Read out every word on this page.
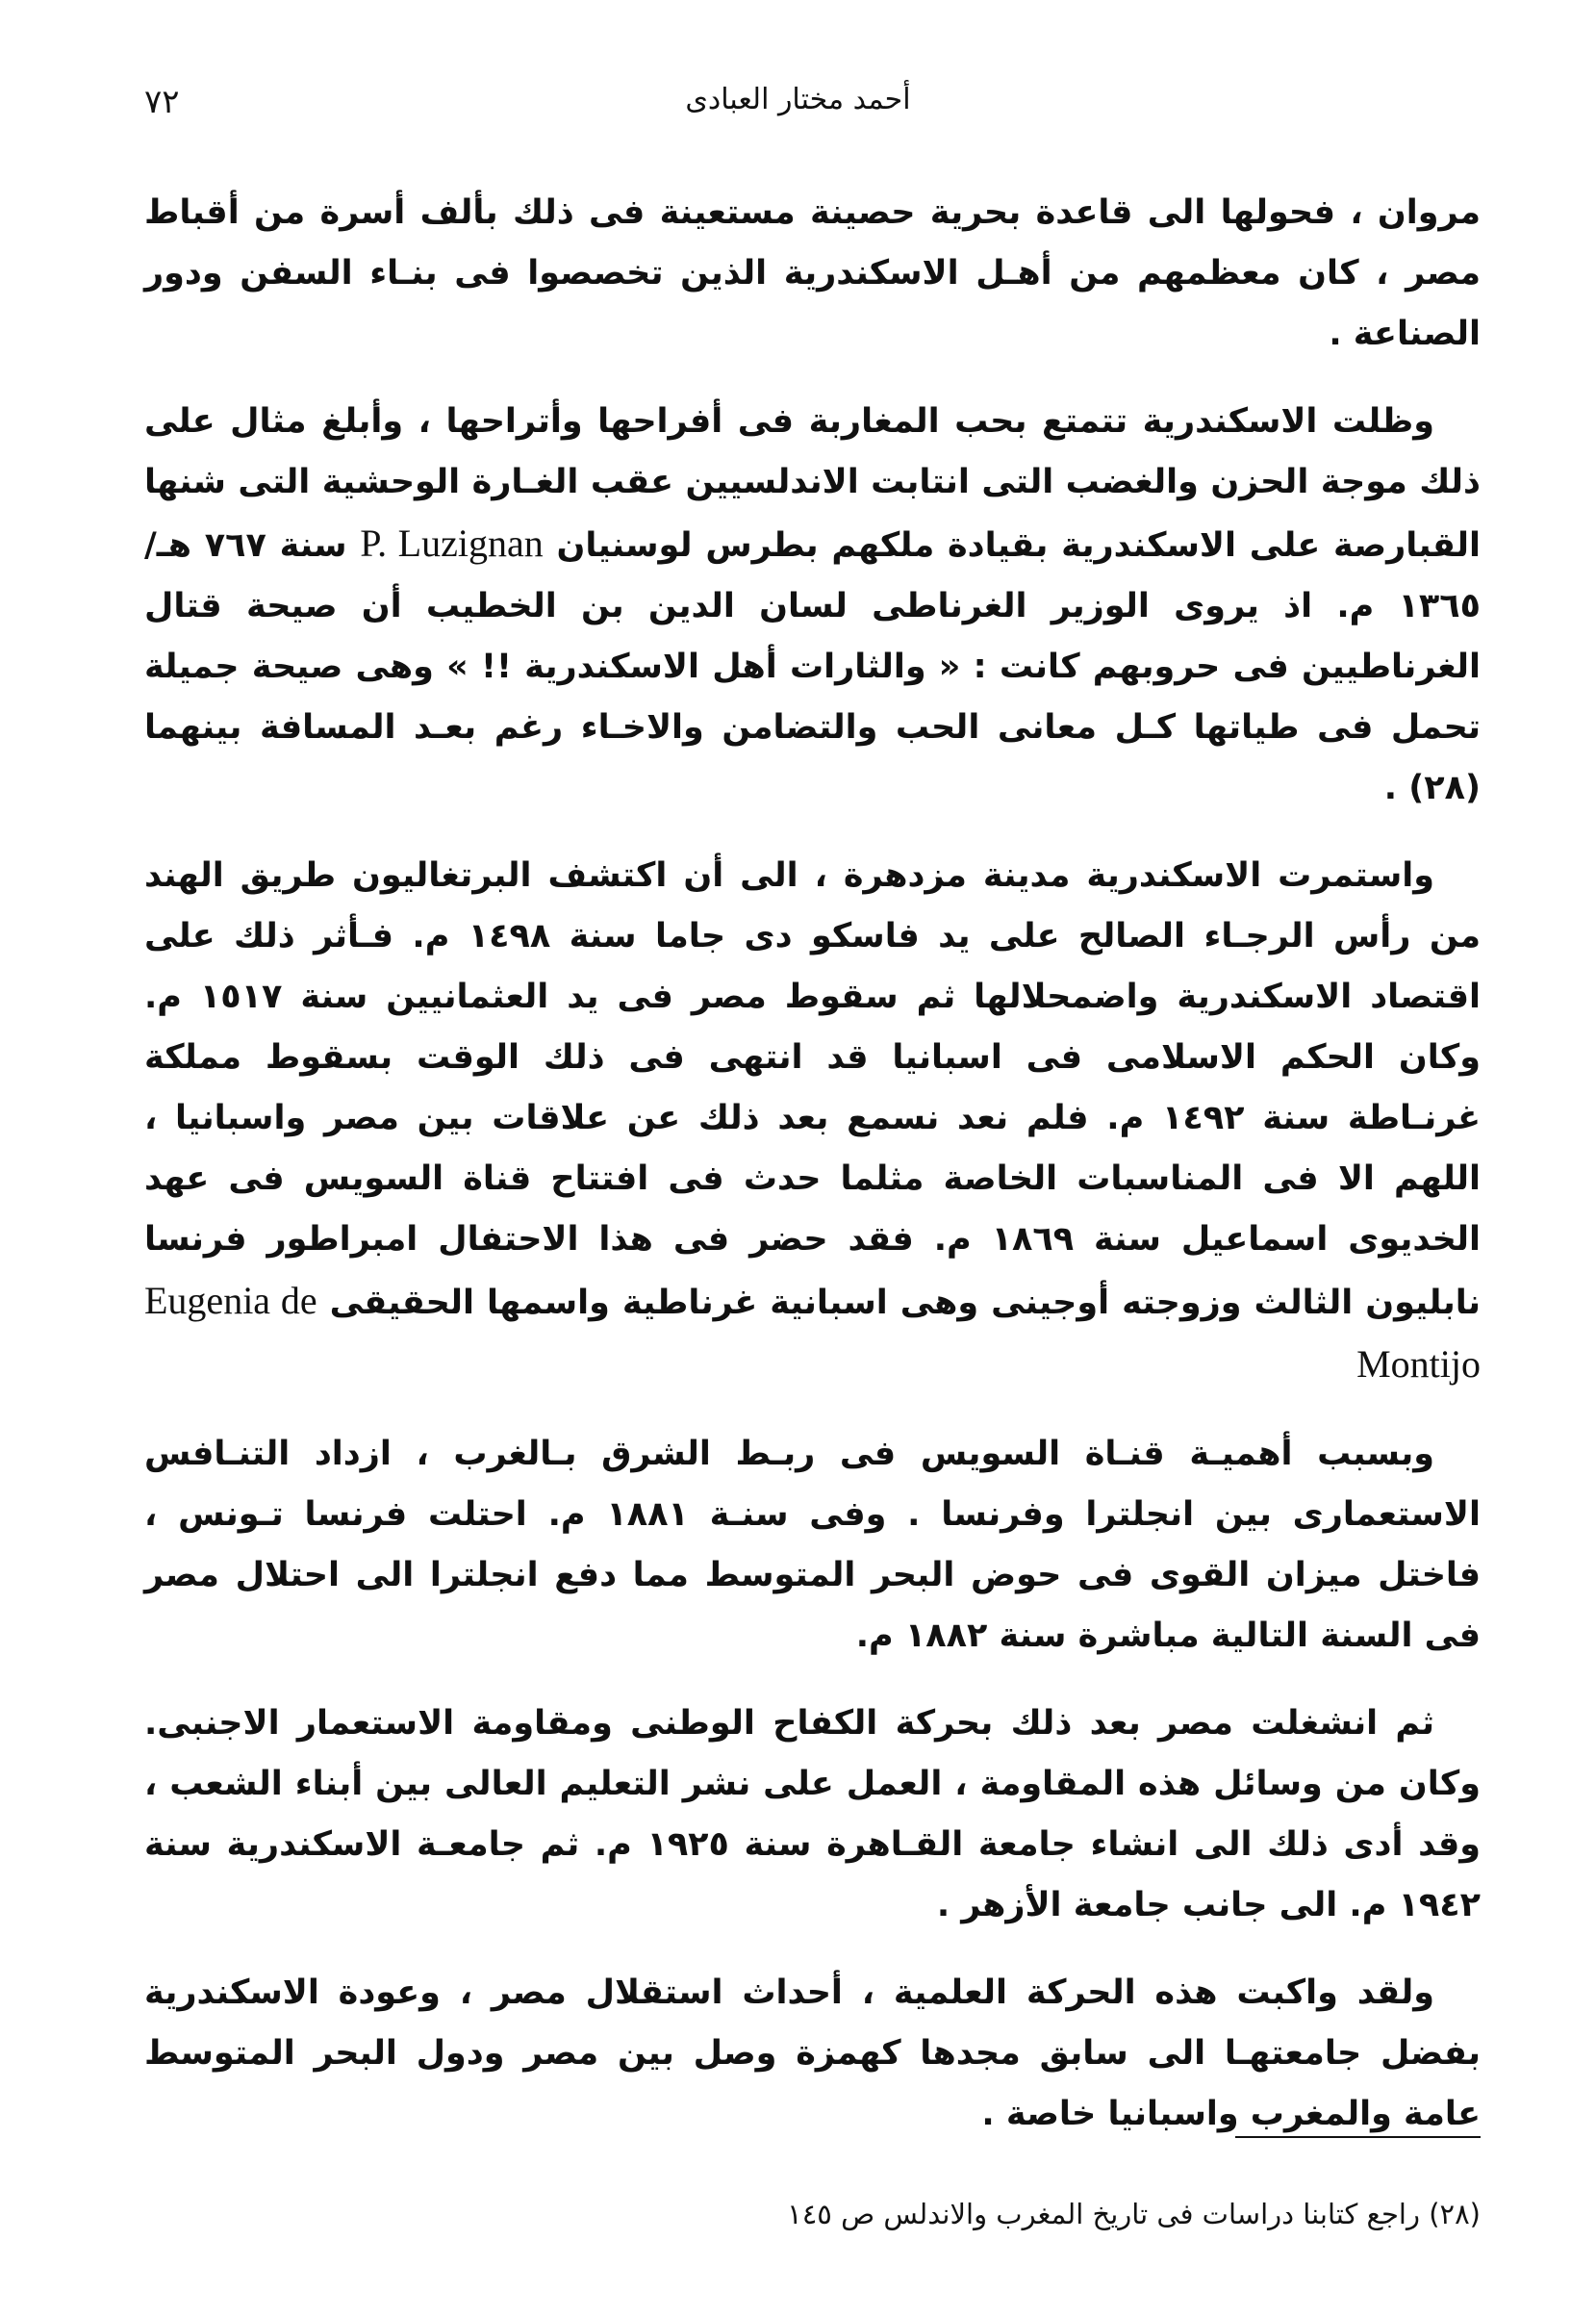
٧٢	أحمد مختار العبادى

مروان ، فحولها الى قاعدة بحرية حصينة مستعينة فى ذلك بألف أسرة من أقباط مصر ، كان معظمهم من أهـل الاسكندرية الذين تخصصوا فى بنـاء السفن ودور الصناعة .

وظلت الاسكندرية تتمتع بحب المغاربة فى أفراحها وأتراحها ، وأبلغ مثال على ذلك موجة الحزن والغضب التى انتابت الاندلسيين عقب الغـارة الوحشية التى شنها القبارصة على الاسكندرية بقيادة ملكهم بطرس لوسنيان P. Luzignan سنة ٧٦٧ هـ/١٣٦٥ م. اذ يروى الوزير الغرناطى لسان الدين بن الخطيب أن صيحة قتال الغرناطيين فى حروبهم كانت : « والثارات أهل الاسكندرية !! » وهى صيحة جميلة تحمل فى طياتها كـل معانى الحب والتضامن والاخـاء رغم بعـد المسافة بينهما (٢٨) .

واستمرت الاسكندرية مدينة مزدهرة ، الى أن اكتشف البرتغاليون طريق الهند من رأس الرجـاء الصالح على يد فاسكو دى جاما سنة ١٤٩٨ م. فـأثر ذلك على اقتصاد الاسكندرية واضمحلالها ثم سقوط مصر فى يد العثمانيين سنة ١٥١٧ م. وكان الحكم الاسلامى فى اسبانيا قد انتهى فى ذلك الوقت بسقوط مملكة غرنـاطة سنة ١٤٩٢ م. فلم نعد نسمع بعد ذلك عن علاقات بين مصر واسبانيا ، اللهم الا فى المناسبات الخاصة مثلما حدث فى افتتاح قناة السويس فى عهد الخديوى اسماعيل سنة ١٨٦٩ م. فقد حضر فى هذا الاحتفال امبراطور فرنسا نابليون الثالث وزوجته أوجينى وهى اسبانية غرناطية واسمها الحقيقى Eugenia de Montijo

وبسبب أهميـة قنـاة السويس فى ربـط الشرق بـالغرب ، ازداد التنـافس الاستعمارى بين انجلترا وفرنسا . وفى سنـة ١٨٨١ م. احتلت فرنسا تـونس ، فاختل ميزان القوى فى حوض البحر المتوسط مما دفع انجلترا الى احتلال مصر فى السنة التالية مباشرة سنة ١٨٨٢ م.

ثم انشغلت مصر بعد ذلك بحركة الكفاح الوطنى ومقاومة الاستعمار الاجنبى. وكان من وسائل هذه المقاومة ، العمل على نشر التعليم العالى بين أبناء الشعب ، وقد أدى ذلك الى انشاء جامعة القـاهرة سنة ١٩٢٥ م. ثم جامعـة الاسكندرية سنة ١٩٤٢ م. الى جانب جامعة الأزهر .

ولقد واكبت هذه الحركة العلمية ، أحداث استقلال مصر ، وعودة الاسكندرية بفضل جامعتهـا الى سابق مجدها كهمزة وصل بين مصر ودول البحر المتوسط عامة والمغرب واسبانيا خاصة .

(٢٨) راجع كتابنا دراسات فى تاريخ المغرب والاندلس ص ١٤٥
